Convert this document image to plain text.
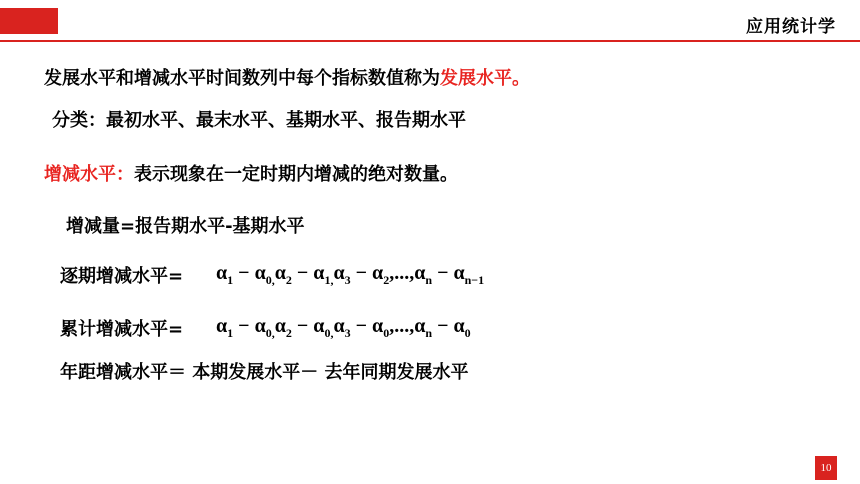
应用统计学
发展水平和增减水平时间数列中每个指标数值称为发展水平。
分类：最初水平、最末水平、基期水平、报告期水平
增减水平：表示现象在一定时期内增减的绝对数量。
增减量=报告期水平-基期水平
逐期增减水平= $\alpha_1 - \alpha_{0,}\alpha_2 - \alpha_{1,}\alpha_3 - \alpha_2,...,\alpha_n - \alpha_{n-1}$
累计增减水平= $\alpha_1 - \alpha_{0,}\alpha_2 - \alpha_{0,}\alpha_3 - \alpha_0,...,\alpha_n - \alpha_0$
年距增减水平＝ 本期发展水平－ 去年同期发展水平
10
